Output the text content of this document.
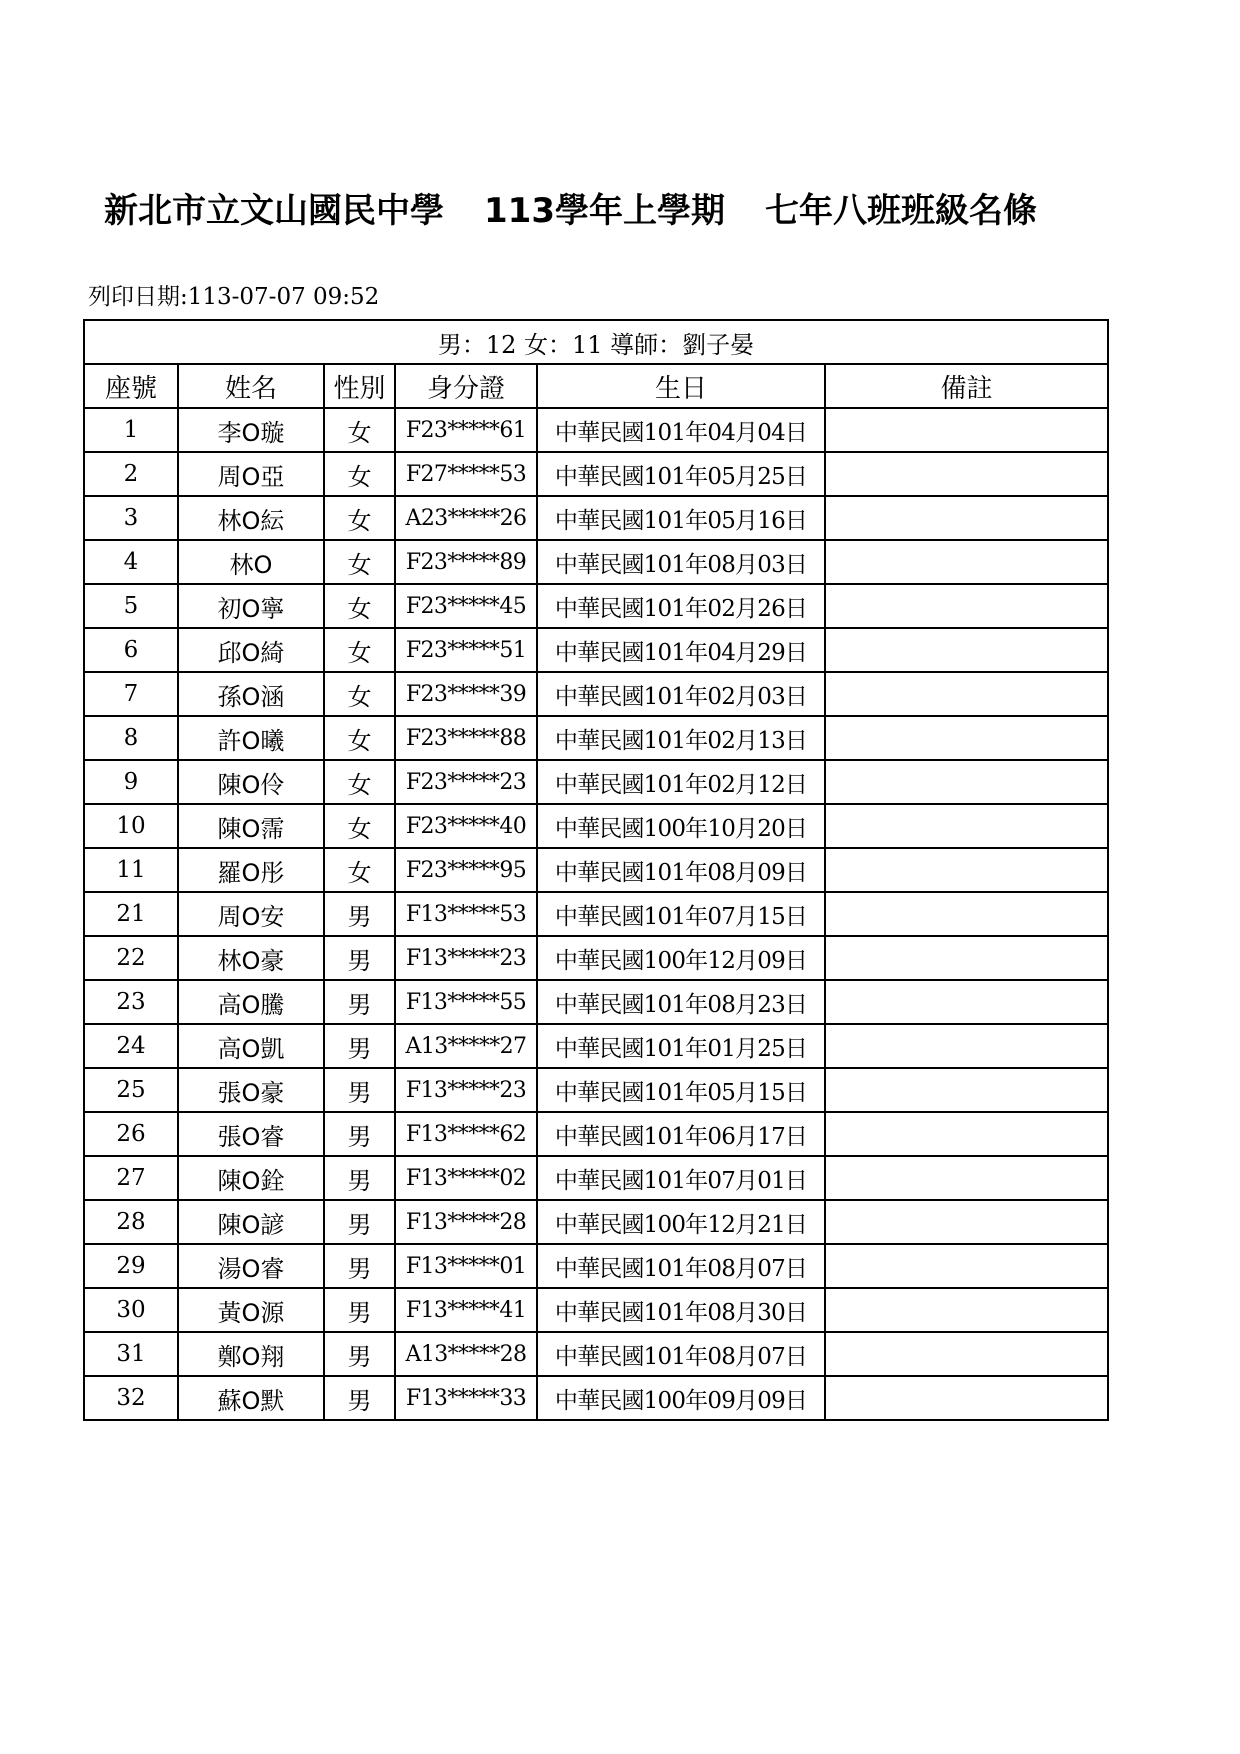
新北市立文山國民中學 113學年上學期 七年八班班級名條
列印日期:113-07-07 09:52
男：12 女：11 導師：劉子晏					
座號	姓名	性別	身分證	生日	備註
1	李O璇	女	F23*****61	中華民國101年04月04日	
2	周O亞	女	F27*****53	中華民國101年05月25日	
3	林O紜	女	A23*****26	中華民國101年05月16日	
4	林O	女	F23*****89	中華民國101年08月03日	
5	初O寧	女	F23*****45	中華民國101年02月26日	
6	邱O綺	女	F23*****51	中華民國101年04月29日	
7	孫O涵	女	F23*****39	中華民國101年02月03日	
8	許O曦	女	F23*****88	中華民國101年02月13日	
9	陳O伶	女	F23*****23	中華民國101年02月12日	
10	陳O霈	女	F23*****40	中華民國100年10月20日	
11	羅O彤	女	F23*****95	中華民國101年08月09日	
21	周O安	男	F13*****53	中華民國101年07月15日	
22	林O豪	男	F13*****23	中華民國100年12月09日	
23	高O騰	男	F13*****55	中華民國101年08月23日	
24	高O凱	男	A13*****27	中華民國101年01月25日	
25	張O豪	男	F13*****23	中華民國101年05月15日	
26	張O睿	男	F13*****62	中華民國101年06月17日	
27	陳O銓	男	F13*****02	中華民國101年07月01日	
28	陳O諺	男	F13*****28	中華民國100年12月21日	
29	湯O睿	男	F13*****01	中華民國101年08月07日	
30	黃O源	男	F13*****41	中華民國101年08月30日	
31	鄭O翔	男	A13*****28	中華民國101年08月07日	
32	蘇O默	男	F13*****33	中華民國100年09月09日	
